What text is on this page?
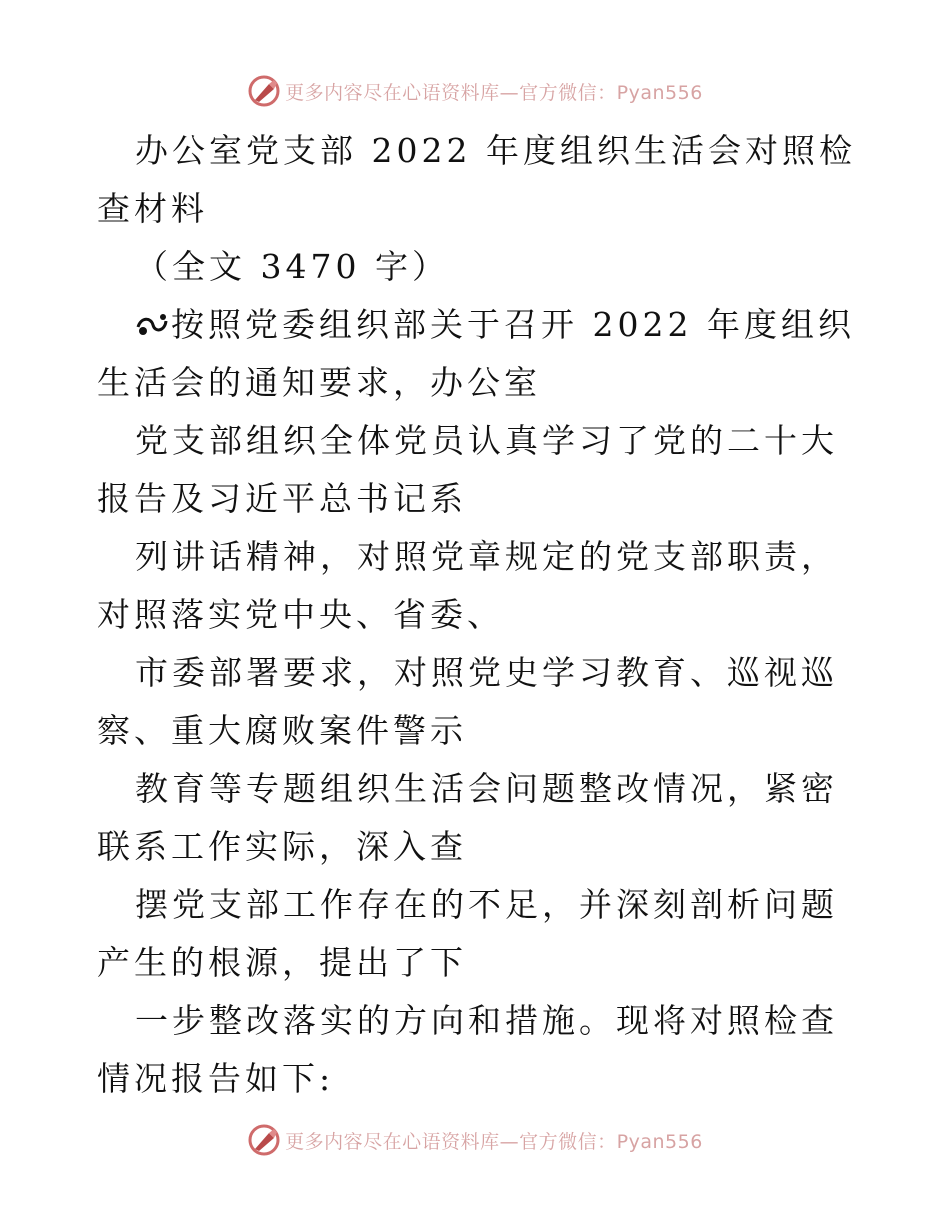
更多内容尽在心语资料库—官方微信：Pyan556

办公室党支部 2022 年度组织生活会对照检查材料

（全文 3470 字）

按照党委组织部关于召开 2022 年度组织生活会的通知要求，办公室

党支部组织全体党员认真学习了党的二十大报告及习近平总书记系

列讲话精神，对照党章规定的党支部职责，对照落实党中央、省委、

市委部署要求，对照党史学习教育、巡视巡察、重大腐败案件警示

教育等专题组织生活会问题整改情况，紧密联系工作实际，深入查

摆党支部工作存在的不足，并深刻剖析问题产生的根源，提出了下

一步整改落实的方向和措施。现将对照检查情况报告如下:

更多内容尽在心语资料库—官方微信：Pyan556
